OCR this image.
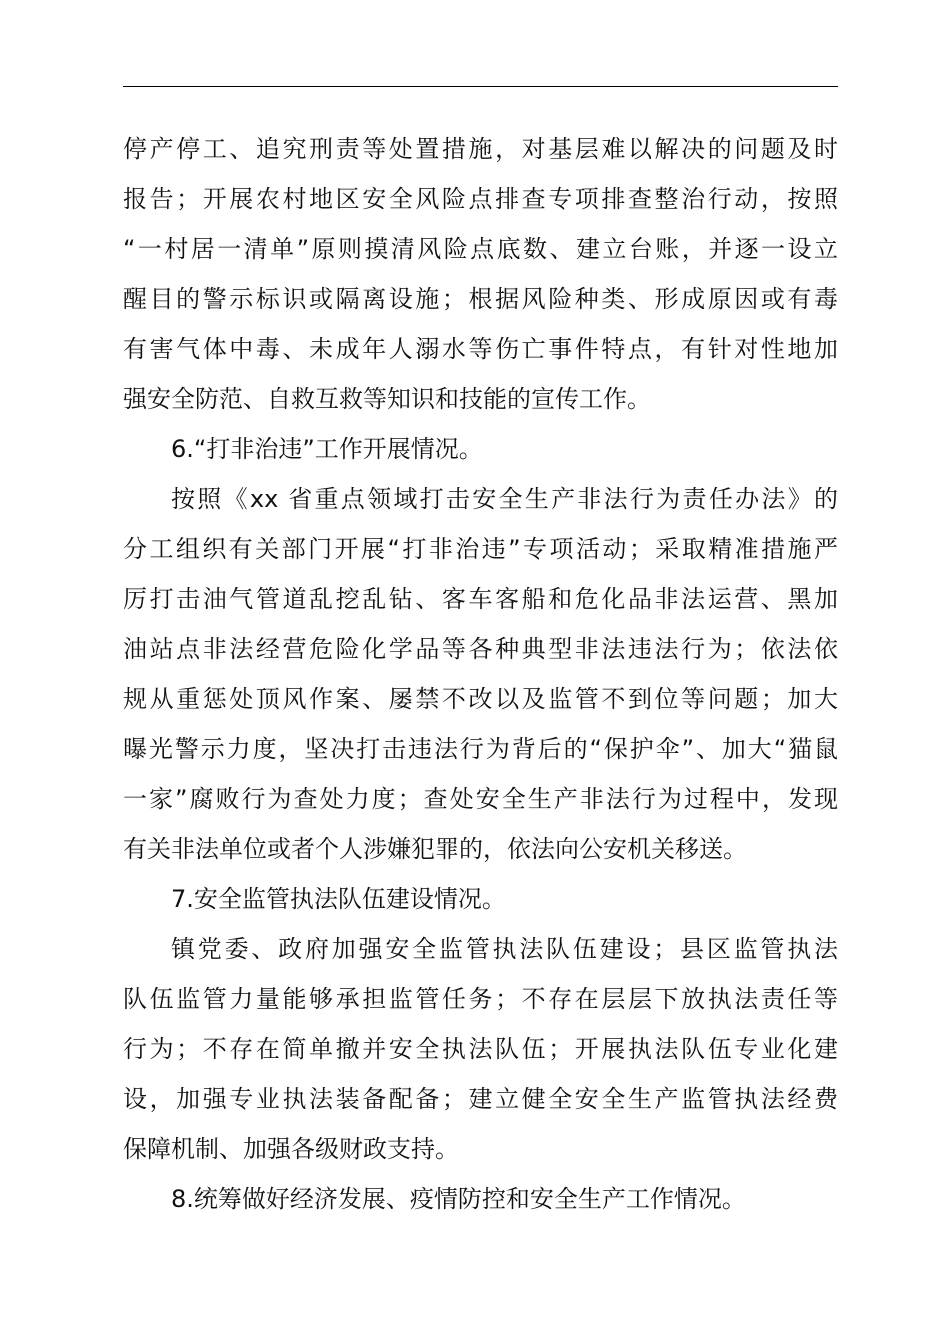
停产停工、追究刑责等处置措施，对基层难以解决的问题及时
报告；开展农村地区安全风险点排查专项排查整治行动，按照
“一村居一清单”原则摸清风险点底数、建立台账，并逐一设立
醒目的警示标识或隔离设施；根据风险种类、形成原因或有毒
有害气体中毒、未成年人溺水等伤亡事件特点，有针对性地加
强安全防范、自救互救等知识和技能的宣传工作。
6.“打非治违”工作开展情况。
按照《xx 省重点领域打击安全生产非法行为责任办法》的
分工组织有关部门开展“打非治违”专项活动；采取精准措施严
厉打击油气管道乱挖乱钻、客车客船和危化品非法运营、黑加
油站点非法经营危险化学品等各种典型非法违法行为；依法依
规从重惩处顶风作案、屡禁不改以及监管不到位等问题；加大
曝光警示力度，坚决打击违法行为背后的“保护伞”、加大“猫鼠
一家”腐败行为查处力度；查处安全生产非法行为过程中，发现
有关非法单位或者个人涉嫌犯罪的，依法向公安机关移送。
7.安全监管执法队伍建设情况。
镇党委、政府加强安全监管执法队伍建设；县区监管执法
队伍监管力量能够承担监管任务；不存在层层下放执法责任等
行为；不存在简单撤并安全执法队伍；开展执法队伍专业化建
设，加强专业执法装备配备；建立健全安全生产监管执法经费
保障机制、加强各级财政支持。
8.统筹做好经济发展、疫情防控和安全生产工作情况。
